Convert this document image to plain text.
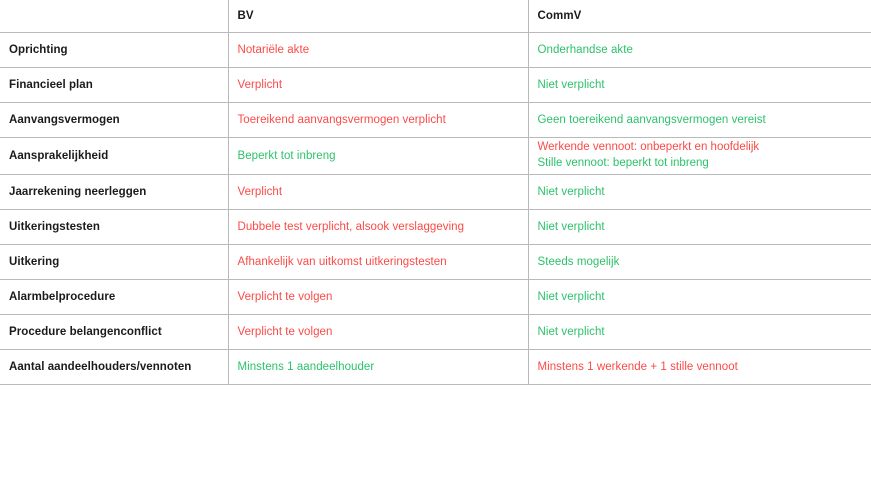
	BV	CommV

Oprichting	Notariële akte	Onderhandse akte

Financieel plan	Verplicht	Niet verplicht

Aanvangsvermogen	Toereikend aanvangsvermogen verplicht	Geen toereikend aanvangsvermogen vereist

Aansprakelijkheid	Beperkt tot inbreng	Werkende vennoot: onbeperkt en hoofdelijk
Stille vennoot: beperkt tot inbreng

Jaarrekening neerleggen	Verplicht	Niet verplicht

Uitkeringstesten	Dubbele test verplicht, alsook verslaggeving	Niet verplicht

Uitkering	Afhankelijk van uitkomst uitkeringstesten	Steeds mogelijk

Alarmbelprocedure	Verplicht te volgen	Niet verplicht

Procedure belangenconflict	Verplicht te volgen	Niet verplicht

Aantal aandeelhouders/vennoten	Minstens 1 aandeelhouder	Minstens 1 werkende + 1 stille vennoot
